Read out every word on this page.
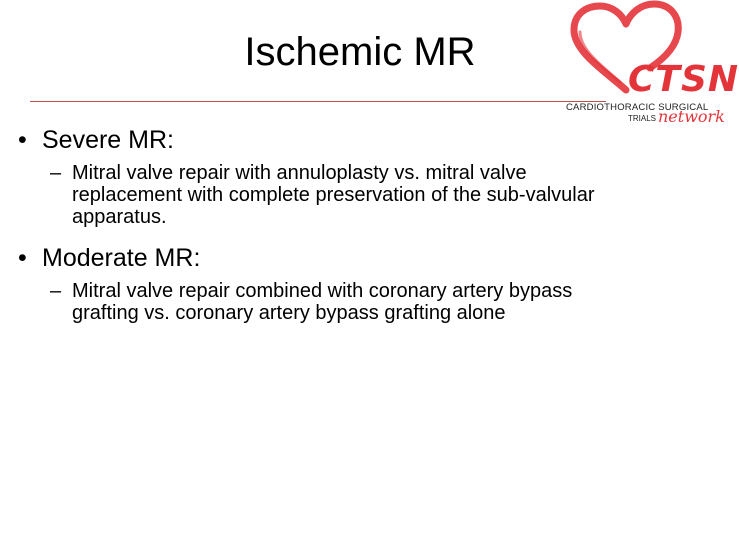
Ischemic MR
CTSN
CARDIOTHORACIC SURGICAL
TRIALS network
• Severe MR:
– Mitral valve repair with annuloplasty vs. mitral valve replacement with complete preservation of the sub-valvular apparatus.
• Moderate MR:
– Mitral valve repair combined with coronary artery bypass grafting vs. coronary artery bypass grafting alone
